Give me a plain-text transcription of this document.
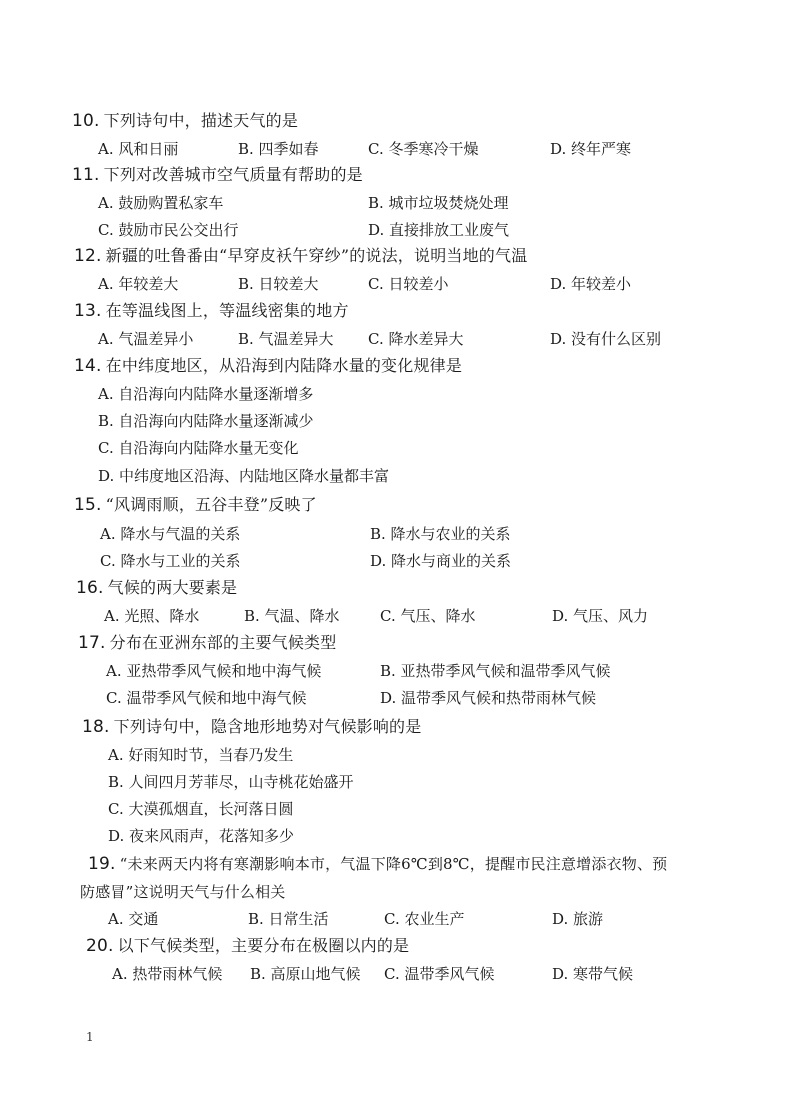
10. 下列诗句中，描述天气的是
A. 风和日丽	B. 四季如春	C. 冬季寒冷干燥	D. 终年严寒
11. 下列对改善城市空气质量有帮助的是
A. 鼓励购置私家车	B. 城市垃圾焚烧处理
C. 鼓励市民公交出行	D. 直接排放工业废气
12. 新疆的吐鲁番由“早穿皮袄午穿纱”的说法，说明当地的气温
A. 年较差大	B. 日较差大	C. 日较差小	D. 年较差小
13. 在等温线图上，等温线密集的地方
A. 气温差异小	B. 气温差异大 C. 降水差异大	D. 没有什么区别
14. 在中纬度地区，从沿海到内陆降水量的变化规律是
A. 自沿海向内陆降水量逐渐增多
B. 自沿海向内陆降水量逐渐减少
C. 自沿海向内陆降水量无变化
D. 中纬度地区沿海、内陆地区降水量都丰富
15. “风调雨顺，五谷丰登”反映了
A. 降水与气温的关系	B. 降水与农业的关系
C. 降水与工业的关系	D. 降水与商业的关系
16. 气候的两大要素是
A. 光照、降水	B. 气温、降水	C. 气压、降水	D. 气压、风力
17. 分布在亚洲东部的主要气候类型
A. 亚热带季风气候和地中海气候	B. 亚热带季风气候和温带季风气候
C. 温带季风气候和地中海气候	D. 温带季风气候和热带雨林气候
18. 下列诗句中，隐含地形地势对气候影响的是
A. 好雨知时节，当春乃发生
B. 人间四月芳菲尽，山寺桃花始盛开
C. 大漠孤烟直，长河落日圆
D. 夜来风雨声，花落知多少
19. “未来两天内将有寒潮影响本市，气温下降6℃到8℃，提醒市民注意增添衣物、预
防感冒”这说明天气与什么相关
A. 交通	B. 日常生活	C. 农业生产	D. 旅游
20. 以下气候类型，主要分布在极圈以内的是
A. 热带雨林气候 B. 高原山地气候 C. 温带季风气候	D. 寒带气候
1
